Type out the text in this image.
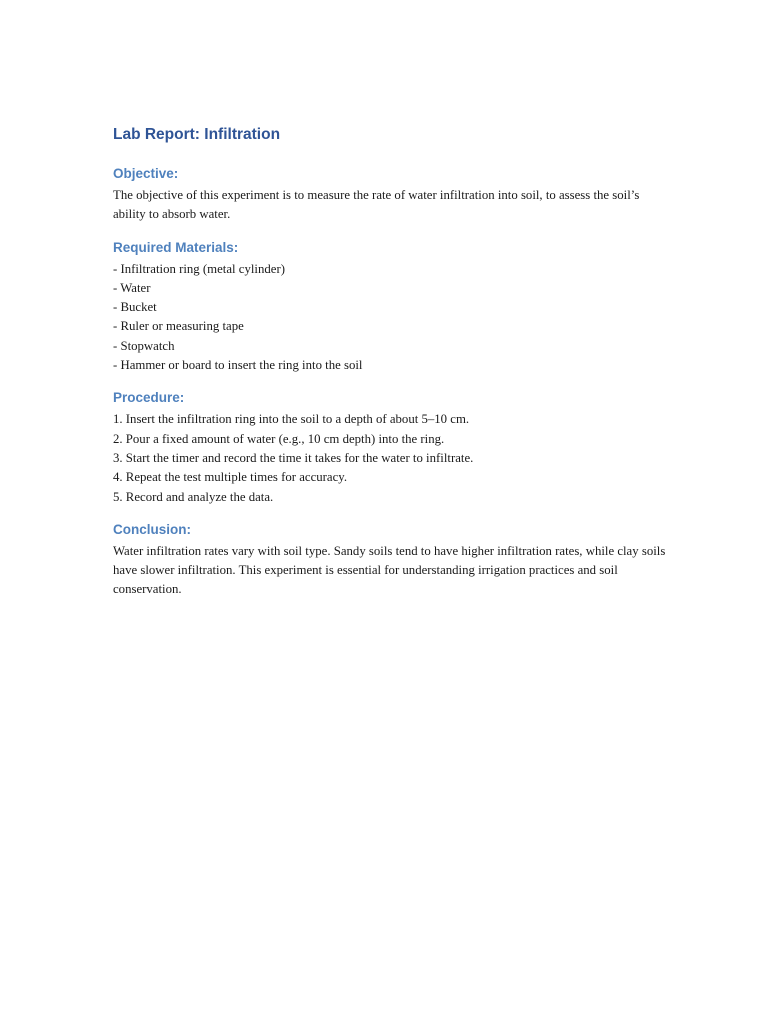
Lab Report: Infiltration
Objective:

The objective of this experiment is to measure the rate of water infiltration into soil, to assess the soil’s ability to absorb water.

Required Materials:
- Infiltration ring (metal cylinder)
- Water
- Bucket
- Ruler or measuring tape
- Stopwatch
- Hammer or board to insert the ring into the soil
Procedure:
1. Insert the infiltration ring into the soil to a depth of about 5–10 cm.
2. Pour a fixed amount of water (e.g., 10 cm depth) into the ring.
3. Start the timer and record the time it takes for the water to infiltrate.
4. Repeat the test multiple times for accuracy.
5. Record and analyze the data.
Conclusion:

Water infiltration rates vary with soil type. Sandy soils tend to have higher infiltration rates, while clay soils have slower infiltration. This experiment is essential for understanding irrigation practices and soil conservation.
